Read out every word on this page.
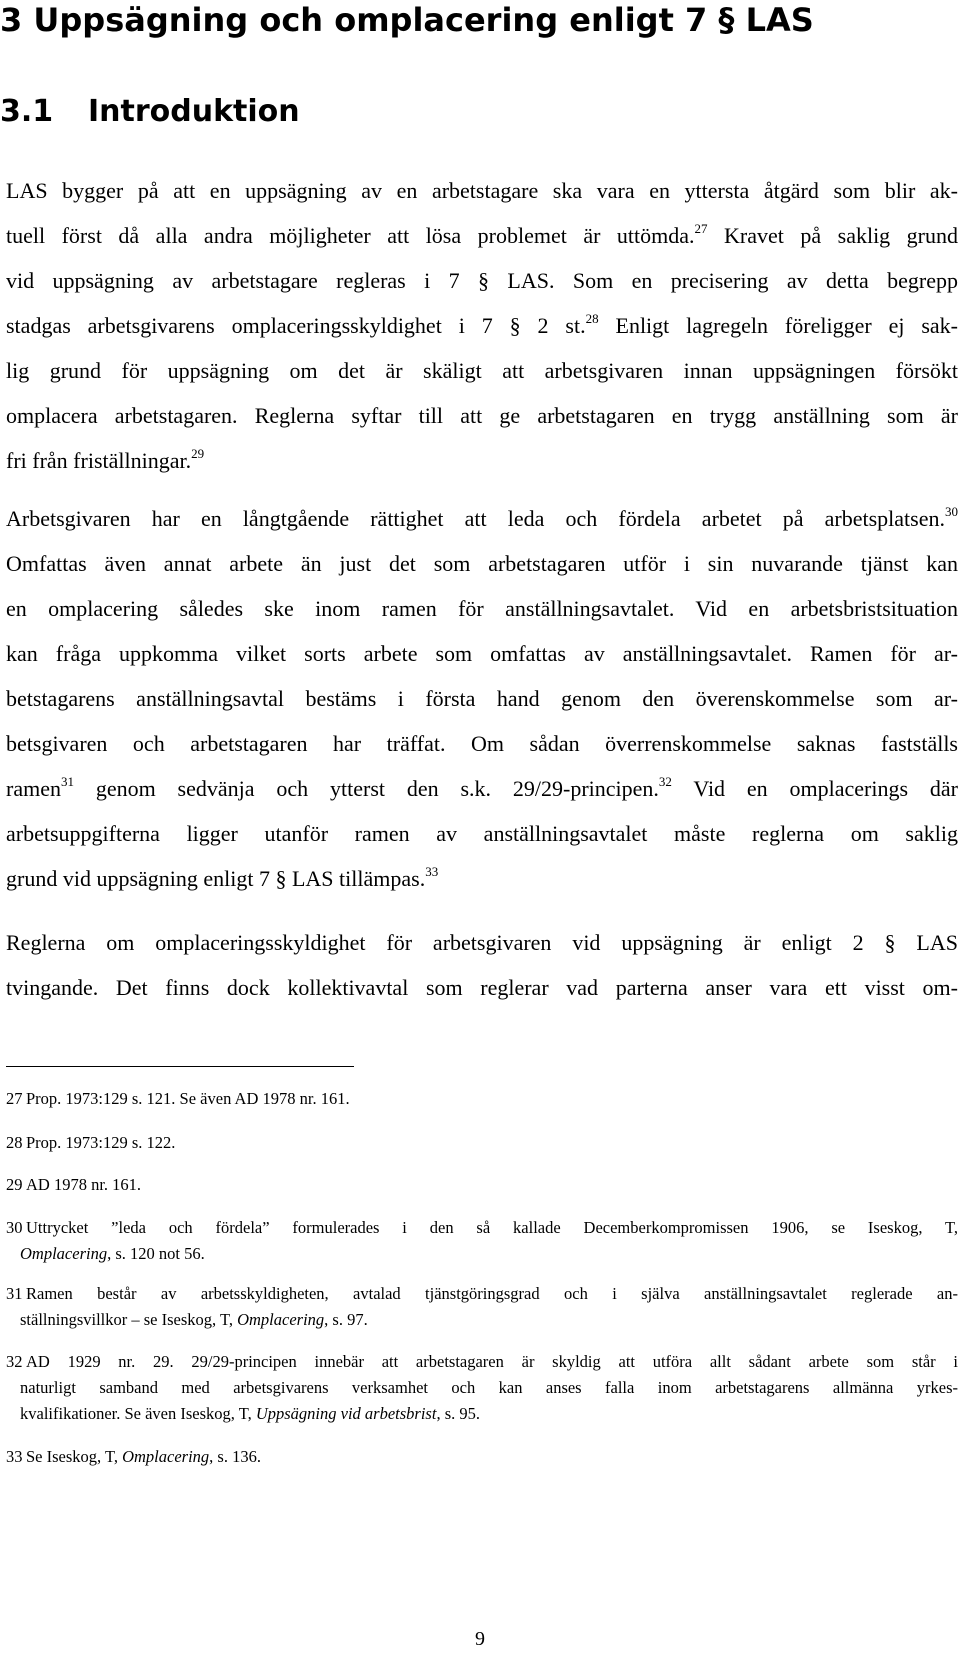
3 Uppsägning och omplacering enligt 7 § LAS
3.1 Introduktion
LAS bygger på att en uppsägning av en arbetstagare ska vara en yttersta åtgärd som blir ak-
tuell först då alla andra möjligheter att lösa problemet är uttömda.$^{27}$ Kravet på saklig grund
vid uppsägning av arbetstagare regleras i 7 § LAS. Som en precisering av detta begrepp
stadgas arbetsgivarens omplaceringsskyldighet i 7 § 2 st.$^{28}$ Enligt lagregeln föreligger ej sak-
lig grund för uppsägning om det är skäligt att arbetsgivaren innan uppsägningen försökt
omplacera arbetstagaren. Reglerna syftar till att ge arbetstagaren en trygg anställning som är
fri från friställningar.$^{29}$
Arbetsgivaren har en långtgående rättighet att leda och fördela arbetet på arbetsplatsen.$^{30}$
Omfattas även annat arbete än just det som arbetstagaren utför i sin nuvarande tjänst kan
en omplacering således ske inom ramen för anställningsavtalet. Vid en arbetsbristsituation
kan fråga uppkomma vilket sorts arbete som omfattas av anställningsavtalet. Ramen för ar-
betstagarens anställningsavtal bestäms i första hand genom den överenskommelse som ar-
betsgivaren och arbetstagaren har träffat. Om sådan överrenskommelse saknas fastställs
ramen$^{31}$ genom sedvänja och ytterst den s.k. 29/29-principen.$^{32}$ Vid en omplacerings där
arbetsuppgifterna ligger utanför ramen av anställningsavtalet måste reglerna om saklig
grund vid uppsägning enligt 7 § LAS tillämpas.$^{33}$
Reglerna om omplaceringsskyldighet för arbetsgivaren vid uppsägning är enligt 2 § LAS
tvingande. Det finns dock kollektivavtal som reglerar vad parterna anser vara ett visst om-
27 Prop. 1973:129 s. 121. Se även AD 1978 nr. 161.
28 Prop. 1973:129 s. 122.
29 AD 1978 nr. 161.
30 Uttrycket ”leda och fördela” formulerades i den så kallade Decemberkompromissen 1906, se Iseskog, T,
Omplacering, s. 120 not 56.
31 Ramen består av arbetsskyldigheten, avtalad tjänstgöringsgrad och i själva anställningsavtalet reglerade an-
ställningsvillkor – se Iseskog, T, Omplacering, s. 97.
32 AD 1929 nr. 29. 29/29-principen innebär att arbetstagaren är skyldig att utföra allt sådant arbete som står i
naturligt samband med arbetsgivarens verksamhet och kan anses falla inom arbetstagarens allmänna yrkes-
kvalifikationer. Se även Iseskog, T, Uppsägning vid arbetsbrist, s. 95.
33 Se Iseskog, T, Omplacering, s. 136.
9
